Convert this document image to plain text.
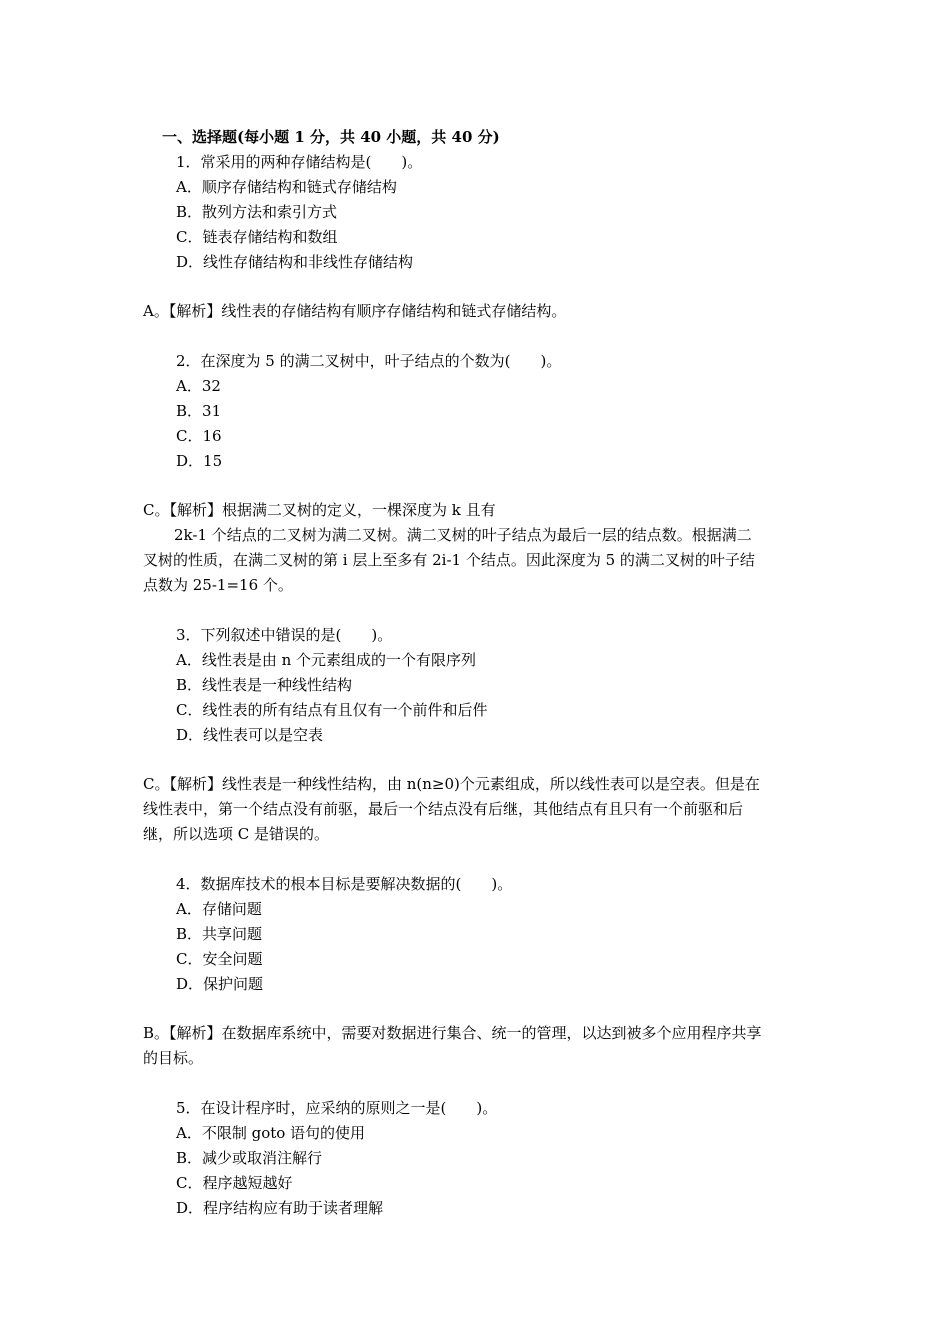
一、选择题(每小题 1 分，共 40 小题，共 40 分)
1．常采用的两种存储结构是(　　)。
A．顺序存储结构和链式存储结构
B．散列方法和索引方式
C．链表存储结构和数组
D．线性存储结构和非线性存储结构
A。【解析】线性表的存储结构有顺序存储结构和链式存储结构。
2．在深度为 5 的满二叉树中，叶子结点的个数为(　　)。
A．32
B．31
C．16
D．15
C。【解析】根据满二叉树的定义，一棵深度为 k 且有
2k-1 个结点的二叉树为满二叉树。满二叉树的叶子结点为最后一层的结点数。根据满二
叉树的性质，在满二叉树的第 i 层上至多有 2i-1 个结点。因此深度为 5 的满二叉树的叶子结
点数为 25-1=16 个。
3．下列叙述中错误的是(　　)。
A．线性表是由 n 个元素组成的一个有限序列
B．线性表是一种线性结构
C．线性表的所有结点有且仅有一个前件和后件
D．线性表可以是空表
C。【解析】线性表是一种线性结构，由 n(n≥0)个元素组成，所以线性表可以是空表。但是在
线性表中，第一个结点没有前驱，最后一个结点没有后继，其他结点有且只有一个前驱和后
继，所以选项 C 是错误的。
4．数据库技术的根本目标是要解决数据的(　　)。
A．存储问题
B．共享问题
C．安全问题
D．保护问题
B。【解析】在数据库系统中，需要对数据进行集合、统一的管理，以达到被多个应用程序共享
的目标。
5．在设计程序时，应采纳的原则之一是(　　)。
A．不限制 goto 语句的使用
B．减少或取消注解行
C．程序越短越好
D．程序结构应有助于读者理解
